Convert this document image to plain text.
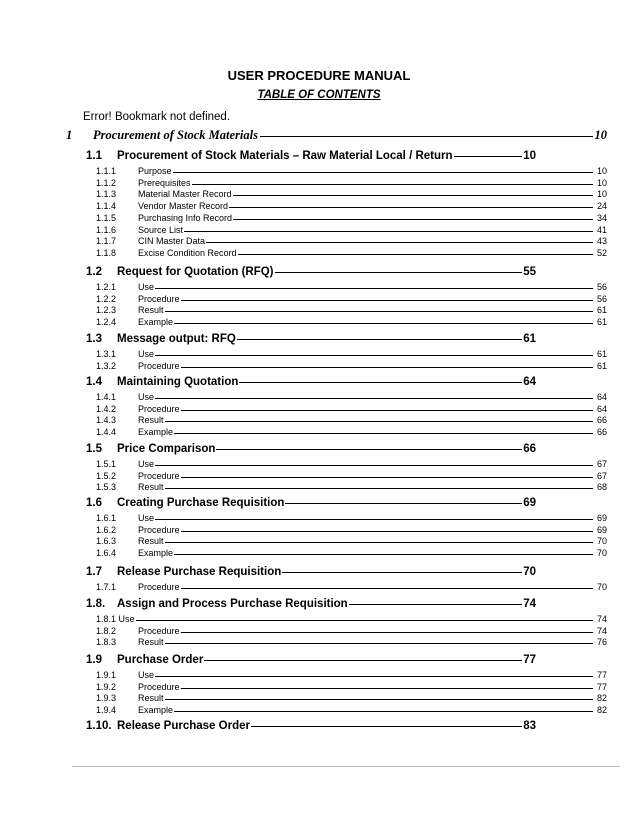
USER PROCEDURE MANUAL
TABLE OF CONTENTS
Error! Bookmark not defined.
1	Procurement of Stock Materials	10
1.1	Procurement of Stock Materials – Raw Material Local / Return	10
1.1.1	Purpose	10
1.1.2	Prerequisites	10
1.1.3	Material Master Record	10
1.1.4	Vendor Master Record	24
1.1.5	Purchasing Info Record	34
1.1.6	Source List	41
1.1.7	CIN Master Data	43
1.1.8	Excise Condition Record	52
1.2	Request for Quotation (RFQ)	55
1.2.1	Use	56
1.2.2	Procedure	56
1.2.3	Result	61
1.2.4	Example	61
1.3	Message output: RFQ	61
1.3.1	Use	61
1.3.2	Procedure	61
1.4	Maintaining Quotation	64
1.4.1	Use	64
1.4.2	Procedure	64
1.4.3	Result	66
1.4.4	Example	66
1.5	Price Comparison	66
1.5.1	Use	67
1.5.2	Procedure	67
1.5.3	Result	68
1.6	Creating Purchase Requisition	69
1.6.1	Use	69
1.6.2	Procedure	69
1.6.3	Result	70
1.6.4	Example	70
1.7	Release Purchase Requisition	70
1.7.1	Procedure	70
1.8.	Assign and Process Purchase Requisition	74
1.8.1 Use	74
1.8.2	Procedure	74
1.8.3	Result	76
1.9	Purchase Order	77
1.9.1	Use	77
1.9.2	Procedure	77
1.9.3	Result	82
1.9.4	Example	82
1.10. Release Purchase Order	83
